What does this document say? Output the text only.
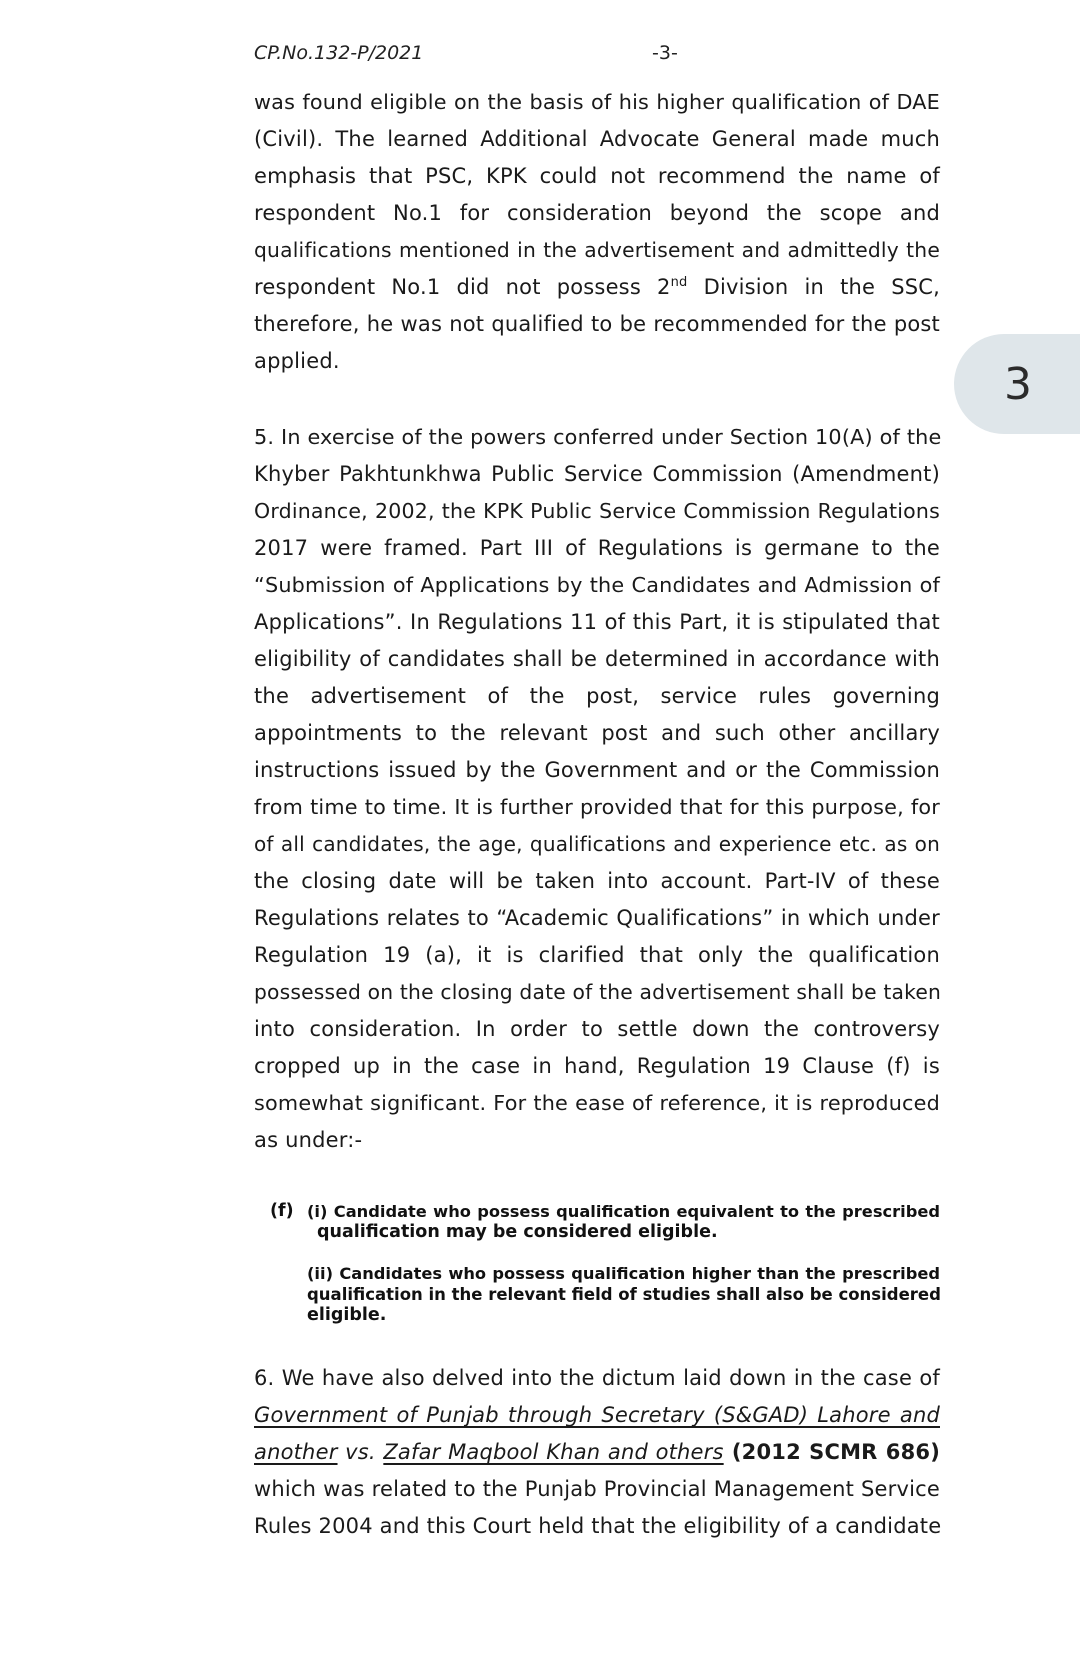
CP.No.132-P/2021	-3-
3

was found eligible on the basis of his higher qualification of DAE

(Civil). The learned Additional Advocate General made much

emphasis that PSC, KPK could not recommend the name of

respondent No.1 for consideration beyond the scope and

qualifications mentioned in the advertisement and admittedly the

respondent No.1 did not possess 2nd Division in the SSC,

therefore, he was not qualified to be recommended for the post

applied.

5. In exercise of the powers conferred under Section 10(A) of the

Khyber Pakhtunkhwa Public Service Commission (Amendment)

Ordinance, 2002, the KPK Public Service Commission Regulations

2017 were framed. Part III of Regulations is germane to the

“Submission of Applications by the Candidates and Admission of

Applications”. In Regulations 11 of this Part, it is stipulated that

eligibility of candidates shall be determined in accordance with

the advertisement of the post, service rules governing

appointments to the relevant post and such other ancillary

instructions issued by the Government and or the Commission

from time to time. It is further provided that for this purpose, for

of all candidates, the age, qualifications and experience etc. as on

the closing date will be taken into account. Part-IV of these

Regulations relates to “Academic Qualifications” in which under

Regulation 19 (a), it is clarified that only the qualification

possessed on the closing date of the advertisement shall be taken

into consideration. In order to settle down the controversy

cropped up in the case in hand, Regulation 19 Clause (f) is

somewhat significant. For the ease of reference, it is reproduced

as under:-

(f) (i) Candidate who possess qualification equivalent to the prescribed

qualification may be considered eligible.

(ii) Candidates who possess qualification higher than the prescribed

qualification in the relevant field of studies shall also be considered

eligible.

6. We have also delved into the dictum laid down in the case of

Government of Punjab through Secretary (S&GAD) Lahore and

another vs. Zafar Maqbool Khan and others (2012 SCMR 686)

which was related to the Punjab Provincial Management Service

Rules 2004 and this Court held that the eligibility of a candidate
